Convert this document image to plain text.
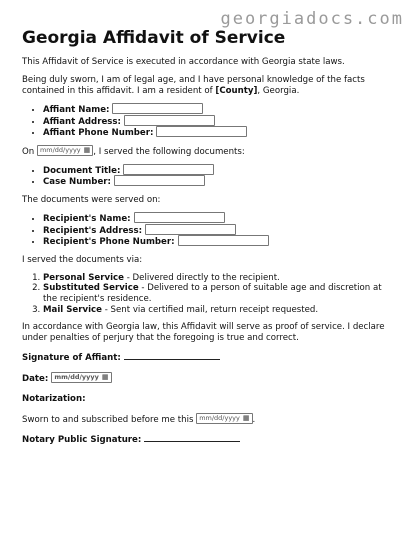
georgiadocs.com
Georgia Affidavit of Service

This Affidavit of Service is executed in accordance with Georgia state laws.

Being duly sworn, I am of legal age, and I have personal knowledge of the facts contained in this affidavit. I am a resident of [County], Georgia.

• Affiant Name:
• Affiant Address:
• Affiant Phone Number:

On mm/dd/yyyy ▦ , I served the following documents:

• Document Title:
• Case Number:

The documents were served on:

• Recipient's Name:
• Recipient's Address:
• Recipient's Phone Number:

I served the documents via:

1. Personal Service - Delivered directly to the recipient.
2. Substituted Service - Delivered to a person of suitable age and discretion at the recipient's residence.
3. Mail Service - Sent via certified mail, return receipt requested.

In accordance with Georgia law, this Affidavit will serve as proof of service. I declare under penalties of perjury that the foregoing is true and correct.

Signature of Affiant:
Date: mm/dd/yyyy ▦
Notarization:

Sworn to and subscribed before me this mm/dd/yyyy ▦ .

Notary Public Signature:
